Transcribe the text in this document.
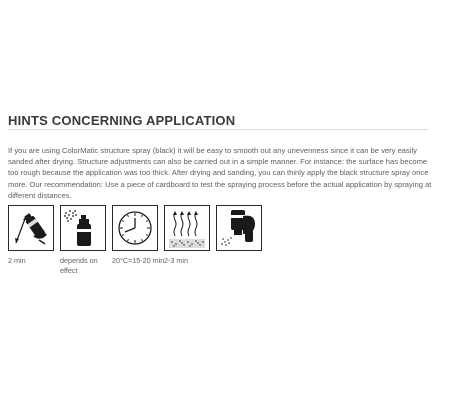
HINTS CONCERNING APPLICATION
If you are using ColorMatic structure spray (black) it will be easy to smooth out any unevenness since it can be very easily sanded after drying. Structure adjustments can also be carried out in a simple manner. For instance: the surface has become too rough because the application was too thick. After drying and sanding, you can thinly apply the black structure spray once more. Our recommendation: Use a piece of cardboard to test the spraying process before the actual application by spraying at different distances.
2 min	depends on effect
20°C=15-20 min 2-3 min
